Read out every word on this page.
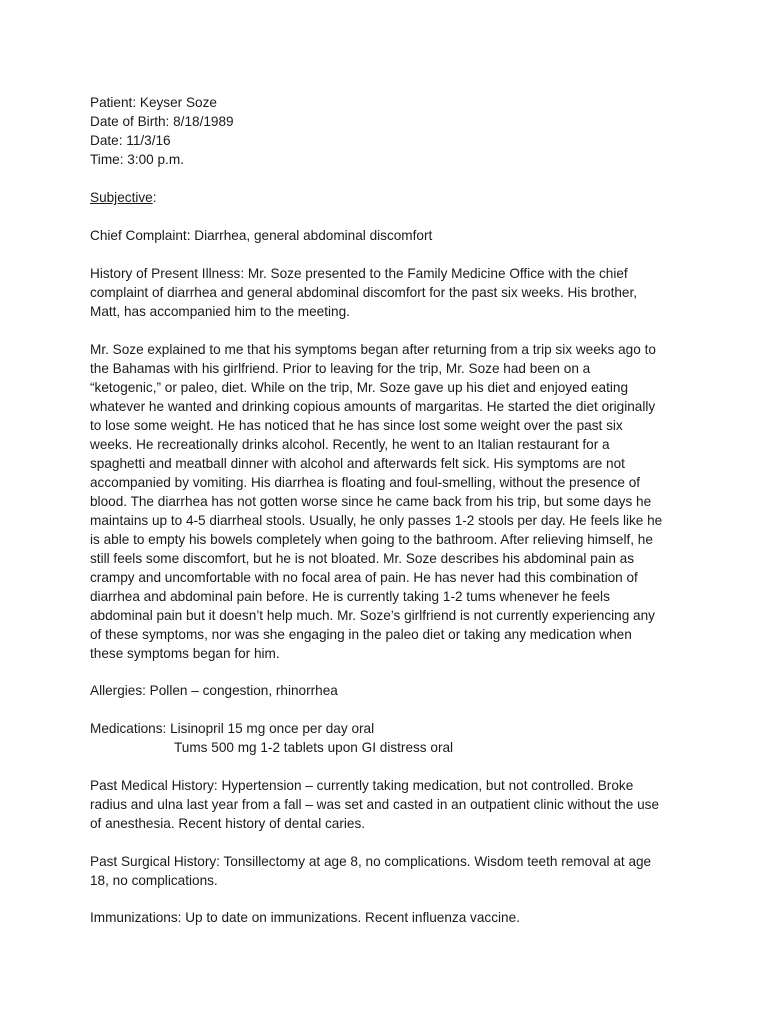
Patient: Keyser Soze
Date of Birth: 8/18/1989
Date: 11/3/16
Time: 3:00 p.m.
Subjective:
Chief Complaint: Diarrhea, general abdominal discomfort
History of Present Illness: Mr. Soze presented to the Family Medicine Office with the chief
complaint of diarrhea and general abdominal discomfort for the past six weeks. His brother,
Matt, has accompanied him to the meeting.
Mr. Soze explained to me that his symptoms began after returning from a trip six weeks ago to
the Bahamas with his girlfriend. Prior to leaving for the trip, Mr. Soze had been on a
“ketogenic,” or paleo, diet. While on the trip, Mr. Soze gave up his diet and enjoyed eating
whatever he wanted and drinking copious amounts of margaritas. He started the diet originally
to lose some weight. He has noticed that he has since lost some weight over the past six
weeks. He recreationally drinks alcohol. Recently, he went to an Italian restaurant for a
spaghetti and meatball dinner with alcohol and afterwards felt sick. His symptoms are not
accompanied by vomiting. His diarrhea is floating and foul-smelling, without the presence of
blood. The diarrhea has not gotten worse since he came back from his trip, but some days he
maintains up to 4-5 diarrheal stools. Usually, he only passes 1-2 stools per day. He feels like he
is able to empty his bowels completely when going to the bathroom. After relieving himself, he
still feels some discomfort, but he is not bloated. Mr. Soze describes his abdominal pain as
crampy and uncomfortable with no focal area of pain. He has never had this combination of
diarrhea and abdominal pain before. He is currently taking 1-2 tums whenever he feels
abdominal pain but it doesn’t help much. Mr. Soze’s girlfriend is not currently experiencing any
of these symptoms, nor was she engaging in the paleo diet or taking any medication when
these symptoms began for him.
Allergies: Pollen – congestion, rhinorrhea
Medications: Lisinopril 15 mg once per day oral
Tums 500 mg 1-2 tablets upon GI distress oral
Past Medical History: Hypertension – currently taking medication, but not controlled. Broke
radius and ulna last year from a fall – was set and casted in an outpatient clinic without the use
of anesthesia. Recent history of dental caries.
Past Surgical History: Tonsillectomy at age 8, no complications. Wisdom teeth removal at age
18, no complications.
Immunizations: Up to date on immunizations. Recent influenza vaccine.
